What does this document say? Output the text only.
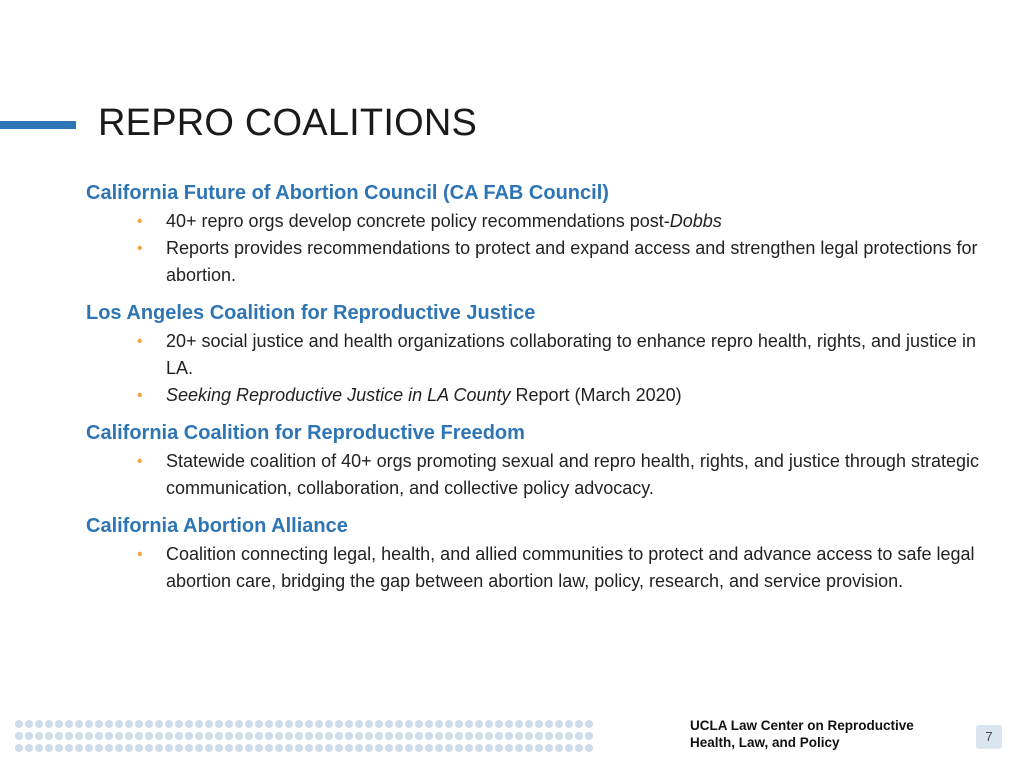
REPRO COALITIONS
California Future of Abortion Council (CA FAB Council)
• 40+ repro orgs develop concrete policy recommendations post-Dobbs
• Reports provides recommendations to protect and expand access and strengthen legal protections for abortion.
Los Angeles Coalition for Reproductive Justice
• 20+ social justice and health organizations collaborating to enhance repro health, rights, and justice in LA.
• Seeking Reproductive Justice in LA County Report (March 2020)
California Coalition for Reproductive Freedom
• Statewide coalition of 40+ orgs promoting sexual and repro health, rights, and justice through strategic communication, collaboration, and collective policy advocacy.
California Abortion Alliance
• Coalition connecting legal, health, and allied communities to protect and advance access to safe legal abortion care, bridging the gap between abortion law, policy, research, and service provision.
UCLA Law Center on Reproductive
Health, Law, and Policy	7
